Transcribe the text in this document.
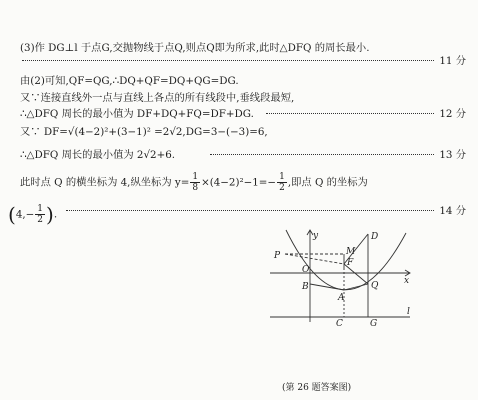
(3)作 DG⊥l 于点G,交抛物线于点Q,则点Q即为所求,此时△DFQ 的周长最小.
11 分
由(2)可知,QF=QG,∴DQ+QF=DQ+QG=DG.
又∵连接直线外一点与直线上各点的所有线段中,垂线段最短,
∴△DFQ 周长的最小值为 DF+DQ+FQ=DF+DG.	12 分
又∵ DF=√(4−2)²+(3−1)² =2√2,DG=3−(−3)=6,
∴△DFQ 周长的最小值为 2√2+6.	13 分
此时点 Q 的横坐标为 4,纵坐标为 $y= \frac{1}{8} \times(4-2)^2-1=- \frac{1}{2}$ ,即点 Q 的坐标为
($4,- \frac{1}{2}$ ).	14 分
y	D
M
F
P
O
x
B
A
Q
C	G
l
(第 26 题答案图)
